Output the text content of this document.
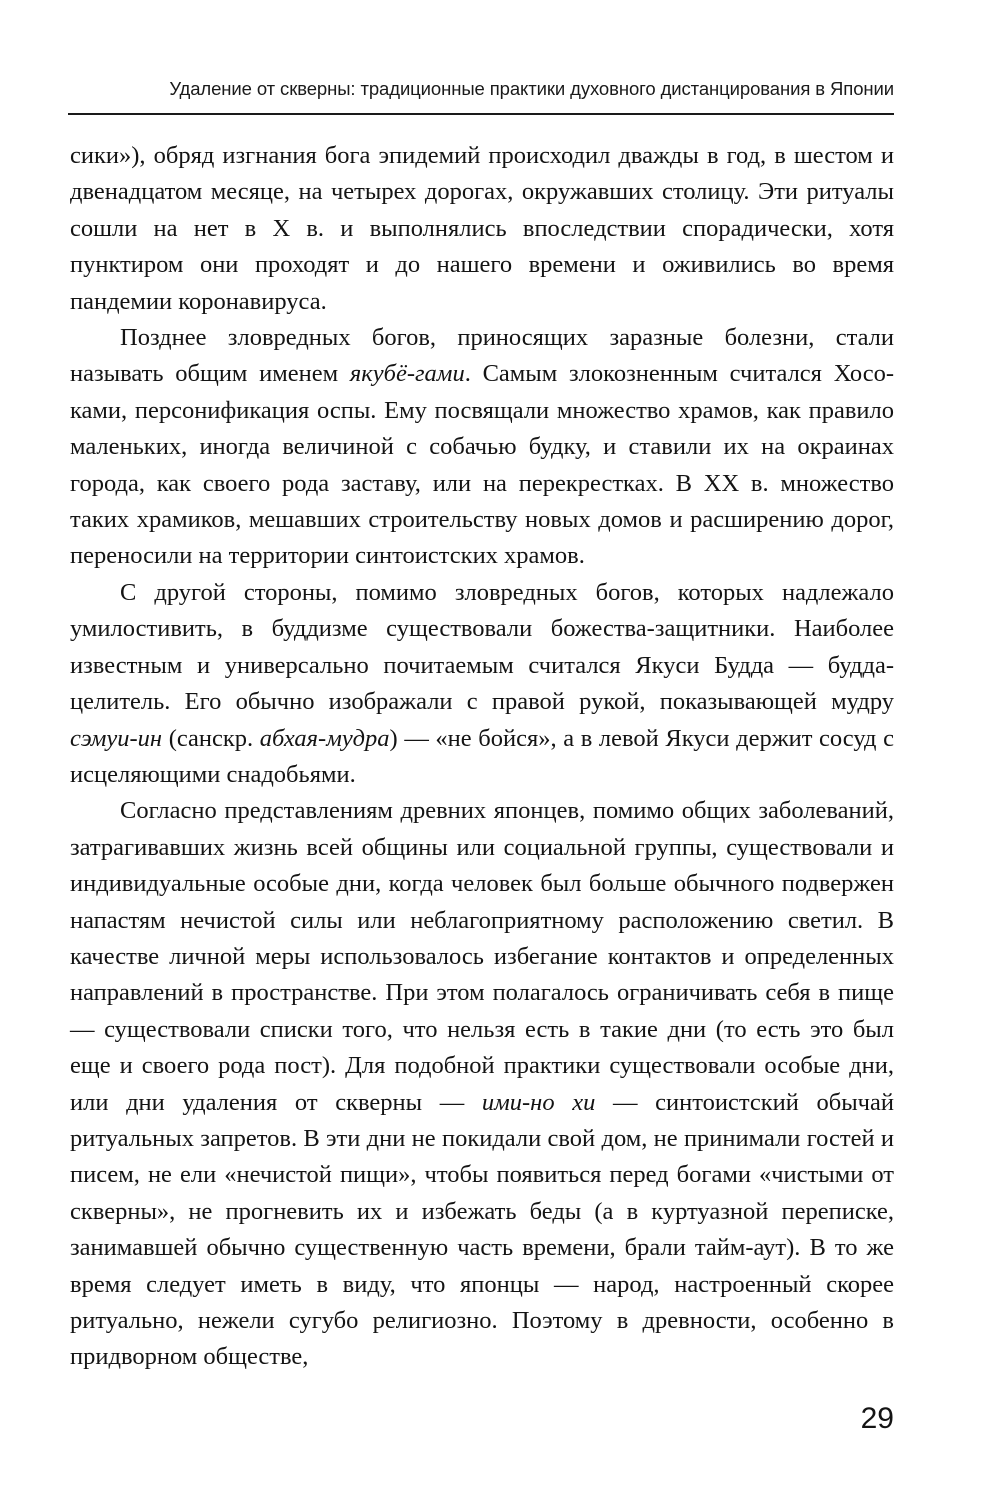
Удаление от скверны: традиционные практики духовного дистанцирования в Японии

сики»), обряд изгнания бога эпидемий происходил дважды в год, в шестом и двенадцатом месяце, на четырех дорогах, окружавших столицу. Эти ритуалы сошли на нет в X в. и выполнялись впоследствии спорадически, хотя пунктиром они проходят и до нашего времени и оживились во время пандемии коронавируса.

Позднее зловредных богов, приносящих заразные болезни, стали называть общим именем якубё-гами. Самым злокозненным считался Хосо-ками, персонификация оспы. Ему посвящали множество храмов, как правило маленьких, иногда величиной с собачью будку, и ставили их на окраинах города, как своего рода заставу, или на перекрестках. В XX в. множество таких храмиков, мешавших строительству новых домов и расширению дорог, переносили на территории синтоистских храмов.

С другой стороны, помимо зловредных богов, которых надлежало умилостивить, в буддизме существовали божества-защитники. Наиболее известным и универсально почитаемым считался Якуси Будда — будда-целитель. Его обычно изображали с правой рукой, показывающей мудру сэмуи-ин (санскр. абхая-мудра) — «не бойся», а в левой Якуси держит сосуд с исцеляющими снадобьями.

Согласно представлениям древних японцев, помимо общих заболеваний, затрагивавших жизнь всей общины или социальной группы, существовали и индивидуальные особые дни, когда человек был больше обычного подвержен напастям нечистой силы или неблагоприятному расположению светил. В качестве личной меры использовалось избегание контактов и определенных направлений в пространстве. При этом полагалось ограничивать себя в пище — существовали списки того, что нельзя есть в такие дни (то есть это был еще и своего рода пост). Для подобной практики существовали особые дни, или дни удаления от скверны — ими-но хи — синтоистский обычай ритуальных запретов. В эти дни не покидали свой дом, не принимали гостей и писем, не ели «нечистой пищи», чтобы появиться перед богами «чистыми от скверны», не прогневить их и избежать беды (а в куртуазной переписке, занимавшей обычно существенную часть времени, брали тайм-аут). В то же время следует иметь в виду, что японцы — народ, настроенный скорее ритуально, нежели сугубо религиозно. Поэтому в древности, особенно в придворном обществе,

29
